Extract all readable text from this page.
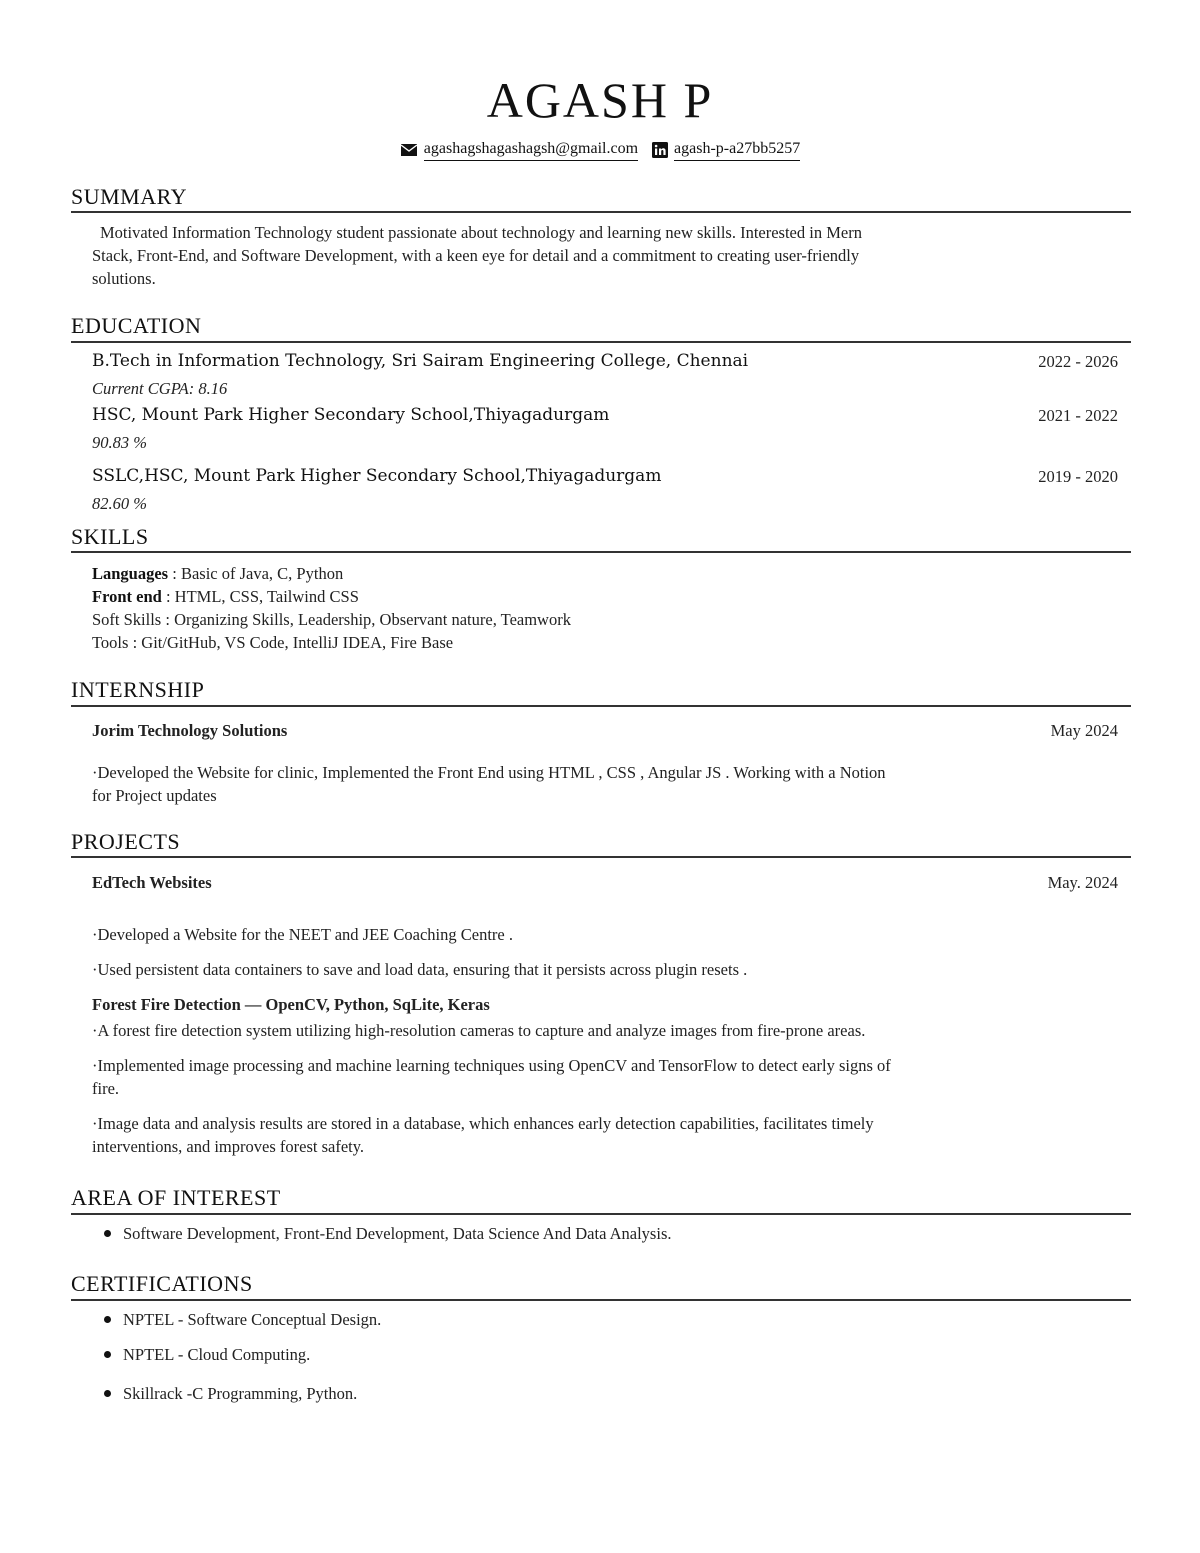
AGASH P
agashagshagashagsh@gmail.com agash-p-a27bb5257
SUMMARY
Motivated Information Technology student passionate about technology and learning new skills. Interested in Mern
Stack, Front-End, and Software Development, with a keen eye for detail and a commitment to creating user-friendly
solutions.
EDUCATION
B.Tech in Information Technology, Sri Sairam Engineering College, Chennai	2022 - 2026
Current CGPA: 8.16
HSC, Mount Park Higher Secondary School,Thiyagadurgam	2021 - 2022
90.83 %
SSLC,HSC, Mount Park Higher Secondary School,Thiyagadurgam	2019 - 2020
82.60 %
SKILLS
Languages : Basic of Java, C, Python
Front end : HTML, CSS, Tailwind CSS
Soft Skills : Organizing Skills, Leadership, Observant nature, Teamwork
Tools : Git/GitHub, VS Code, IntelliJ IDEA, Fire Base
INTERNSHIP
Jorim Technology Solutions	May 2024
·Developed the Website for clinic, Implemented the Front End using HTML , CSS , Angular JS . Working with a Notion
for Project updates
PROJECTS
EdTech Websites	May. 2024
·Developed a Website for the NEET and JEE Coaching Centre .
·Used persistent data containers to save and load data, ensuring that it persists across plugin resets .
Forest Fire Detection — OpenCV, Python, SqLite, Keras
·A forest fire detection system utilizing high-resolution cameras to capture and analyze images from fire-prone areas.
·Implemented image processing and machine learning techniques using OpenCV and TensorFlow to detect early signs of
fire.
·Image data and analysis results are stored in a database, which enhances early detection capabilities, facilitates timely
interventions, and improves forest safety.
AREA OF INTEREST
Software Development, Front-End Development, Data Science And Data Analysis.
CERTIFICATIONS
NPTEL - Software Conceptual Design.
NPTEL - Cloud Computing.
Skillrack -C Programming, Python.
